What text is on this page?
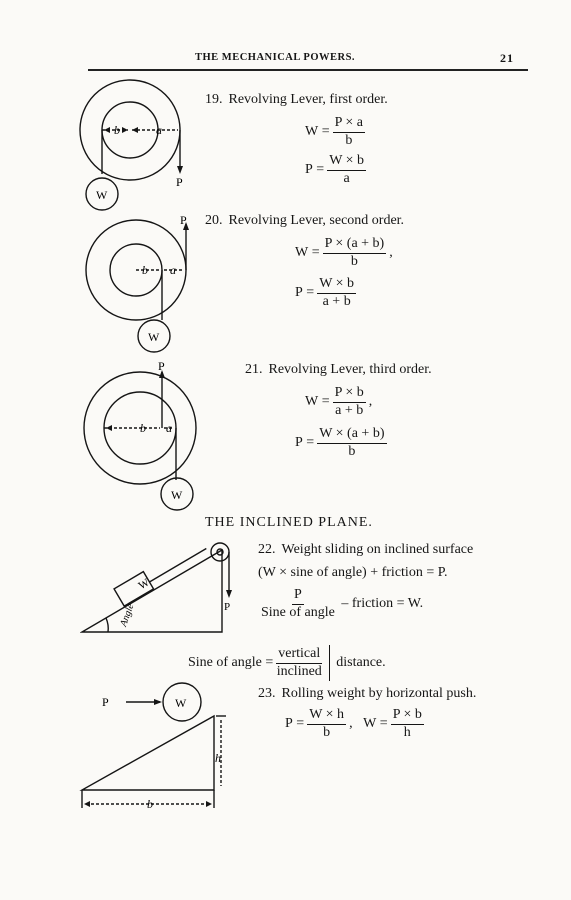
THE MECHANICAL POWERS.	21
b	a
P
W
19. Revolving Lever, first order.
W
= $\frac{P \times a}{b}$
P
= $\frac{W \times b}{a}$
b a
P
W
20. Revolving Lever, second order.
W
= $\frac{P \times (a + b)}{b}$ ,
P
= $\frac{W \times b}{a + b}$
b a
P
W
21. Revolving Lever, third order.
W
= $\frac{P \times b}{a + b}$ ,
P
= $\frac{W \times (a + b)}{b}$
THE INCLINED PLANE.
P
W
Angle
22. Weight sliding on inclined surface
(W × sine of angle) + friction = P.
$\frac{P}{\text{Sine of angle}}$
– friction = W.
Sine of angle = $\frac{\text{vertical}}{\text{inclined}}$	distance.
P	W
h
b
23. Rolling weight by horizontal push.
P
= $\frac{W \times h}{b}$ ,
W
= $\frac{P \times b}{h}$
